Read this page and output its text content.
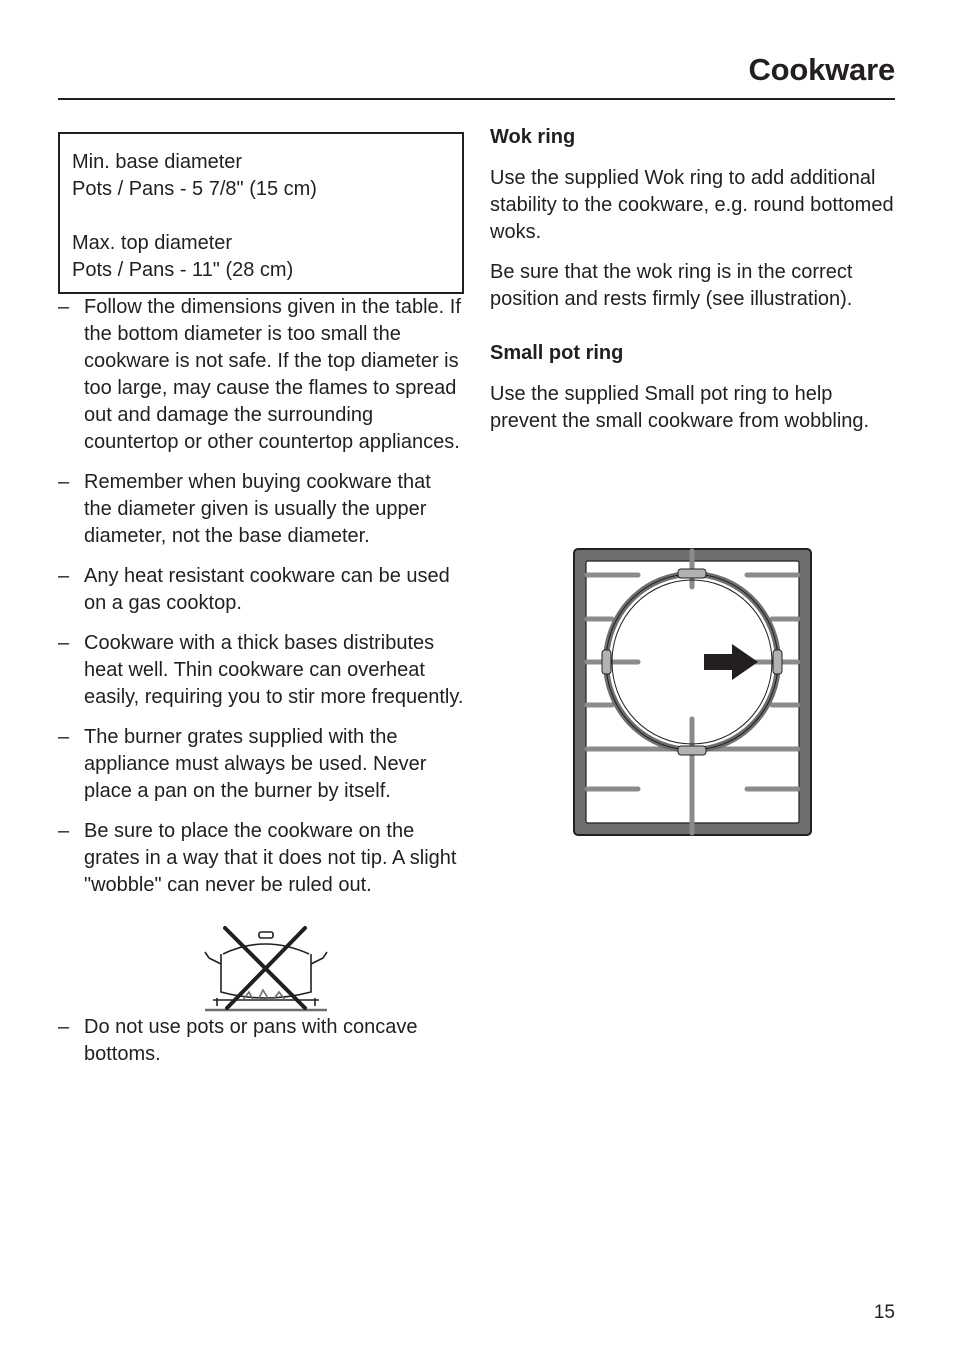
Cookware
Min. base diameter
Pots / Pans - 5 7/8" (15 cm)
Max. top diameter
Pots / Pans - 11" (28 cm)
– Follow the dimensions given in the table. If the bottom diameter is too small the cookware is not safe. If the top diameter is too large, may cause the flames to spread out and damage the surrounding countertop or other countertop appliances.
– Remember when buying cookware that the diameter given is usually the upper diameter, not the base diameter.
– Any heat resistant cookware can be used on a gas cooktop.
– Cookware with a thick bases distributes heat well. Thin cookware can overheat easily, requiring you to stir more frequently.
– The burner grates supplied with the appliance must always be used. Never place a pan on the burner by itself.
– Be sure to place the cookware on the grates in a way that it does not tip. A slight "wobble" can never be ruled out.
– Do not use pots or pans with concave bottoms.
Wok ring

Use the supplied Wok ring to add additional stability to the cookware, e.g. round bottomed woks.

Be sure that the wok ring is in the correct position and rests firmly (see illustration).

Small pot ring

Use the supplied Small pot ring to help prevent the small cookware from wobbling.

15
